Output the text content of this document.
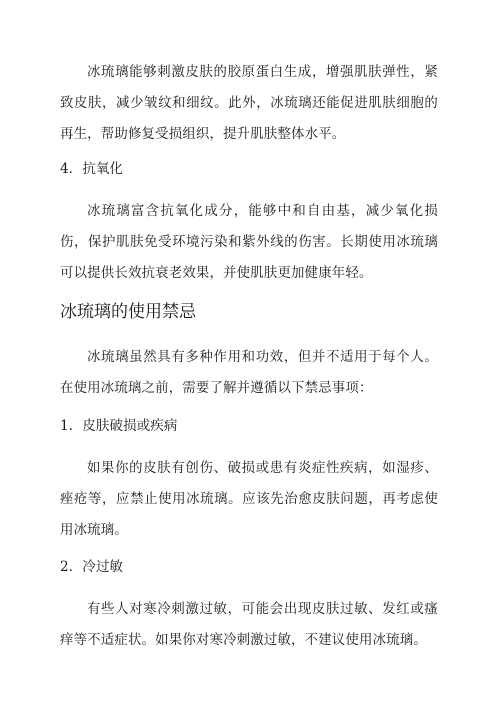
冰琉璃能够刺激皮肤的胶原蛋白生成，增强肌肤弹性，紧致皮肤，减少皱纹和细纹。此外，冰琉璃还能促进肌肤细胞的再生，帮助修复受损组织，提升肌肤整体水平。

4．抗氧化

冰琉璃富含抗氧化成分，能够中和自由基，减少氧化损伤，保护肌肤免受环境污染和紫外线的伤害。长期使用冰琉璃可以提供长效抗衰老效果，并使肌肤更加健康年轻。

冰琉璃的使用禁忌

冰琉璃虽然具有多种作用和功效，但并不适用于每个人。在使用冰琉璃之前，需要了解并遵循以下禁忌事项：

1．皮肤破损或疾病

如果你的皮肤有创伤、破损或患有炎症性疾病，如湿疹、痤疮等，应禁止使用冰琉璃。应该先治愈皮肤问题，再考虑使用冰琉璃。

2．冷过敏

有些人对寒冷刺激过敏，可能会出现皮肤过敏、发红或瘙痒等不适症状。如果你对寒冷刺激过敏，不建议使用冰琉璃。
